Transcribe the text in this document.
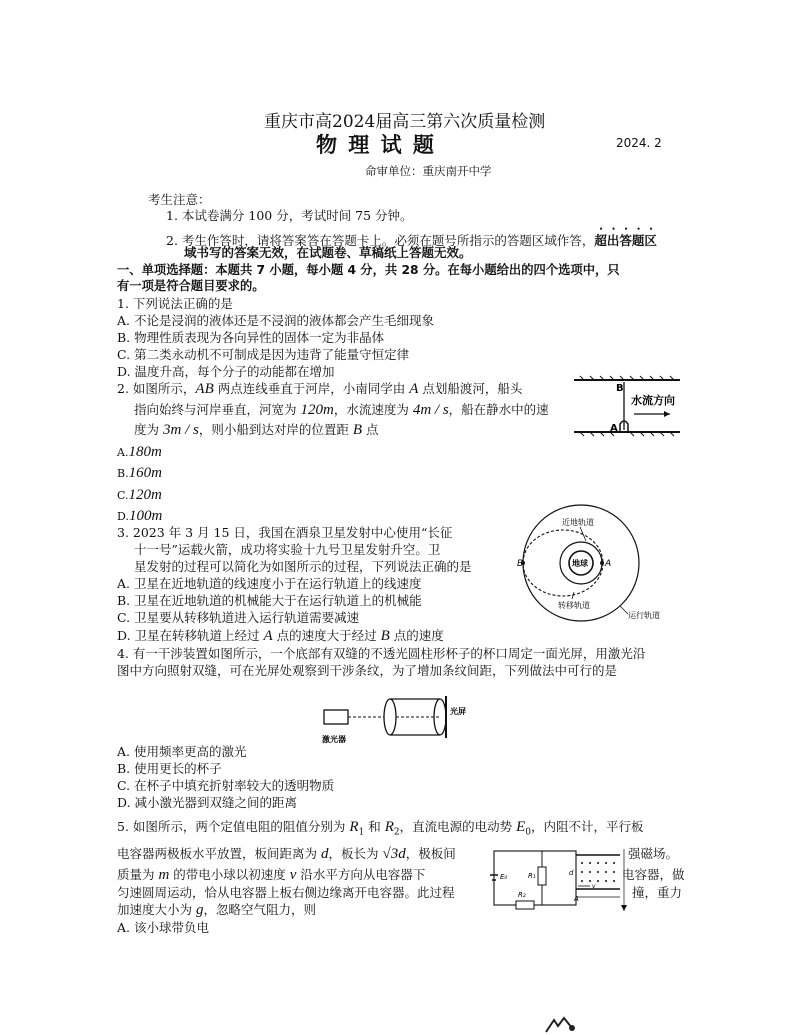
重庆市高2024届高三第六次质量检测
物 理 试 题	2024. 2
命审单位：重庆南开中学
考生注意：
1. 本试卷满分 100 分，考试时间 75 分钟。
2. 考生作答时，请将答案答在答题卡上。必须在题号所指示的答题区域作答，超出答题区
域书写的答案无效，在试题卷、草稿纸上答题无效。
一、单项选择题：本题共 7 小题，每小题 4 分，共 28 分。在每小题给出的四个选项中，只
有一项是符合题目要求的。
1. 下列说法正确的是
A. 不论是浸润的液体还是不浸润的液体都会产生毛细现象
B. 物理性质表现为各向异性的固体一定为非晶体
C. 第二类永动机不可制成是因为违背了能量守恒定律
D. 温度升高，每个分子的动能都在增加
2. 如图所示，AB 两点连线垂直于河岸，小南同学由 A 点划船渡河，船头
指向始终与河岸垂直，河宽为 120m，水流速度为 4m / s，船在静水中的速
度为 3m / s，则小船到达对岸的位置距 B 点
A.180m
B.160m
C.120m
D.100m
B
A
水流方向
3. 2023 年 3 月 15 日，我国在酒泉卫星发射中心使用“长征
十一号”运载火箭，成功将实验十九号卫星发射升空。卫
星发射的过程可以简化为如图所示的过程，下列说法正确的是
A. 卫星在近地轨道的线速度小于在运行轨道上的线速度
B. 卫星在近地轨道的机械能大于在运行轨道上的机械能
C. 卫星要从转移轨道进入运行轨道需要减速
D. 卫星在转移轨道上经过 A 点的速度大于经过 B 点的速度
地球 A
B
近地轨道
转移轨道
运行轨道
4. 有一干涉装置如图所示，一个底部有双缝的不透光圆柱形杯子的杯口周定一面光屏，用激光沿
图中方向照射双缝，可在光屏处观察到干涉条纹，为了增加条纹间距，下列做法中可行的是
激光器
光屏
A. 使用频率更高的激光
B. 使用更长的杯子
C. 在杯子中填充折射率较大的透明物质
D. 减小激光器到双缝之间的距离
5. 如图所示，两个定值电阻的阻值分别为 $R_1$ 和 $R_2$，直流电源的电动势 $E_0$，内阻不计，平行板
电容器两极板水平放置，板间距离为 d，板长为 √3d，极板间	强磁场。
质量为 m 的带电小球以初速度 v 沿水平方向从电容器下	电容器，做
匀速圆周运动，恰从电容器上板右侧边缘离开电容器。此过程	撞，重力
加速度大小为 g，忽略空气阻力，则
A. 该小球带负电
E₀	R₁
R₂
d
A
v
